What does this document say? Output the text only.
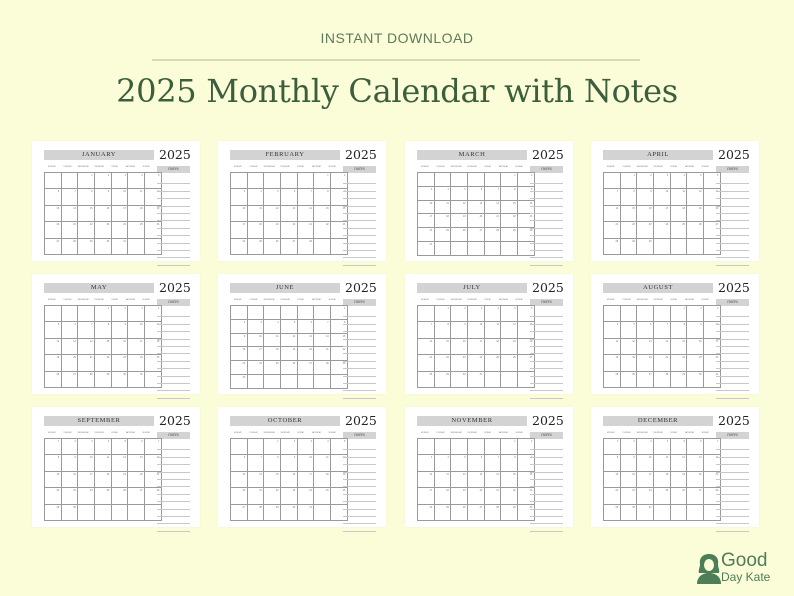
INSTANT DOWNLOAD
2025 Monthly Calendar with Notes
JANUARY	2025
notes
MONDAY	TUESDAY	WEDNESDAY	THURSDAY	FRIDAY	SATURDAY	SUNDAY

		1	2	3	4	5

6	7	8	9	10	11	12

13	14	15	16	17	18	19

20	21	22	23	24	25	26

27	28	29	30	31		

FEBRUARY	2025
notes
MONDAY	TUESDAY	WEDNESDAY	THURSDAY	FRIDAY	SATURDAY	SUNDAY

					1	2

3	4	5	6	7	8	9

10	11	12	13	14	15	16

17	18	19	20	21	22	23

24	25	26	27	28		

MARCH	2025
notes
MONDAY	TUESDAY	WEDNESDAY	THURSDAY	FRIDAY	SATURDAY	SUNDAY

					1	2

3	4	5	6	7	8	9

10	11	12	13	14	15	16

17	18	19	20	21	22	23

24	25	26	27	28	29	30

31						

APRIL	2025
notes
MONDAY	TUESDAY	WEDNESDAY	THURSDAY	FRIDAY	SATURDAY	SUNDAY

	1	2	3	4	5	6

7	8	9	10	11	12	13

14	15	16	17	18	19	20

21	22	23	24	25	26	27

28	29	30				

MAY	2025
notes
MONDAY	TUESDAY	WEDNESDAY	THURSDAY	FRIDAY	SATURDAY	SUNDAY

			1	2	3	4

5	6	7	8	9	10	11

12	13	14	15	16	17	18

19	20	21	22	23	24	25

26	27	28	29	30	31	

JUNE	2025
notes
MONDAY	TUESDAY	WEDNESDAY	THURSDAY	FRIDAY	SATURDAY	SUNDAY

						1

2	3	4	5	6	7	8

9	10	11	12	13	14	15

16	17	18	19	20	21	22

23	24	25	26	27	28	29

30						

JULY	2025
notes
MONDAY	TUESDAY	WEDNESDAY	THURSDAY	FRIDAY	SATURDAY	SUNDAY

	1	2	3	4	5	6

7	8	9	10	11	12	13

14	15	16	17	18	19	20

21	22	23	24	25	26	27

28	29	30	31			

AUGUST	2025
notes
MONDAY	TUESDAY	WEDNESDAY	THURSDAY	FRIDAY	SATURDAY	SUNDAY

				1	2	3

4	5	6	7	8	9	10

11	12	13	14	15	16	17

18	19	20	21	22	23	24

25	26	27	28	29	30	31
SEPTEMBER	2025
notes
MONDAY	TUESDAY	WEDNESDAY	THURSDAY	FRIDAY	SATURDAY	SUNDAY
1	2	3	4	5	6	7

8	9	10	11	12	13	14

15	16	17	18	19	20	21

22	23	24	25	26	27	28

29	30					

OCTOBER	2025
notes
MONDAY	TUESDAY	WEDNESDAY	THURSDAY	FRIDAY	SATURDAY	SUNDAY

		1	2	3	4	5

6	7	8	9	10	11	12

13	14	15	16	17	18	19

20	21	22	23	24	25	26

27	28	29	30	31		

NOVEMBER	2025
notes
MONDAY	TUESDAY	WEDNESDAY	THURSDAY	FRIDAY	SATURDAY	SUNDAY

					1	2

3	4	5	6	7	8	9

10	11	12	13	14	15	16

17	18	19	20	21	22	23

24	25	26	27	28	29	30
DECEMBER	2025
notes
MONDAY	TUESDAY	WEDNESDAY	THURSDAY	FRIDAY	SATURDAY	SUNDAY
1	2	3	4	5	6	7

8	9	10	11	12	13	14

15	16	17	18	19	20	21

22	23	24	25	26	27	28

29	30	31				

Good
Day Kate
